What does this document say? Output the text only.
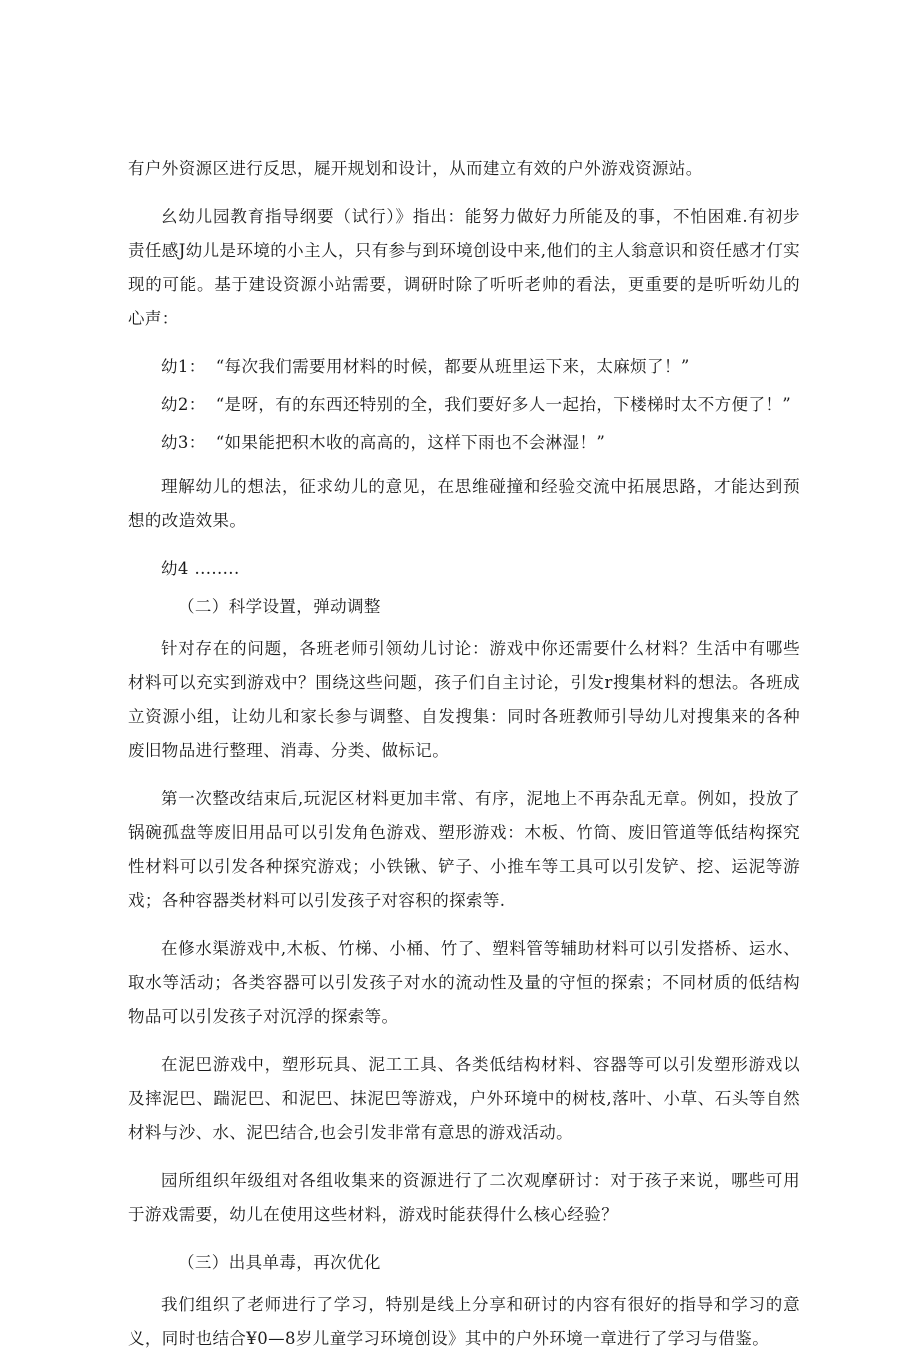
有户外资源区进行反思，屣开规划和设计，从而建立有效的户外游戏资源站。

幺幼儿园教育指导纲要（试行）》指出：能努力做好力所能及的事，不怕困难.有初步责任感J幼儿是环境的小主人，只有参与到环境创设中来,他们的主人翁意识和资任感才仃实现的可能。基于建设资源小站需要，调研时除了听听老帅的看法，更重要的是听听幼儿的心声：

幼1： “每次我们需要用材料的时候，都要从班里运下来，太麻烦了！”

幼2： “是呀，有的东西还特别的全，我们要好多人一起抬，下楼梯时太不方便了！”

幼3： “如果能把积木收的高高的，这样下雨也不会淋湿！”

理解幼儿的想法，征求幼儿的意见，在思维碰撞和经验交流中拓展思路，才能达到预想的改造效果。

幼4 ........

（二）科学设置，弹动调整

针对存在的问题，各班老师引领幼儿讨论：游戏中你还需要什么材料？生活中有哪些材料可以充实到游戏中？围绕这些问题，孩子们自主讨论，引发r搜集材料的想法。各班成立资源小组，让幼儿和家长参与调整、自发搜集：同时各班教师引导幼儿对搜集来的各种废旧物品进行整理、消毒、分类、做标记。

第一次整改结束后,玩泥区材料更加丰常、有序，泥地上不再杂乱无章。例如，投放了锅碗孤盘等废旧用品可以引发角色游戏、塑形游戏：木板、竹筒、废旧管道等低结构探究性材料可以引发各种探究游戏；小铁锹、铲子、小推车等工具可以引发铲、挖、运泥等游戏；各种容器类材料可以引发孩子对容积的探索等.

在修水渠游戏中,木板、竹梯、小桶、竹了、塑料管等辅助材料可以引发搭桥、运水、取水等活动；各类容器可以引发孩子对水的流动性及量的守恒的探索；不同材质的低结构物品可以引发孩子对沉浮的探索等。

在泥巴游戏中，塑形玩具、泥工工具、各类低结构材料、容器等可以引发塑形游戏以及摔泥巴、踹泥巴、和泥巴、抹泥巴等游戏，户外环境中的树枝,落叶、小草、石头等自然材料与沙、水、泥巴结合,也会引发非常有意思的游戏活动。

园所组织年级组对各组收集来的资源进行了二次观摩研讨：对于孩子来说，哪些可用于游戏需要，幼儿在使用这些材料，游戏时能获得什么核心经验？

（三）出具单毒，再次优化

我们组织了老师进行了学习，特别是线上分享和研讨的内容有很好的指导和学习的意义，同时也结合¥0—8岁儿童学习环境创设》其中的户外环境一章进行了学习与借鉴。
